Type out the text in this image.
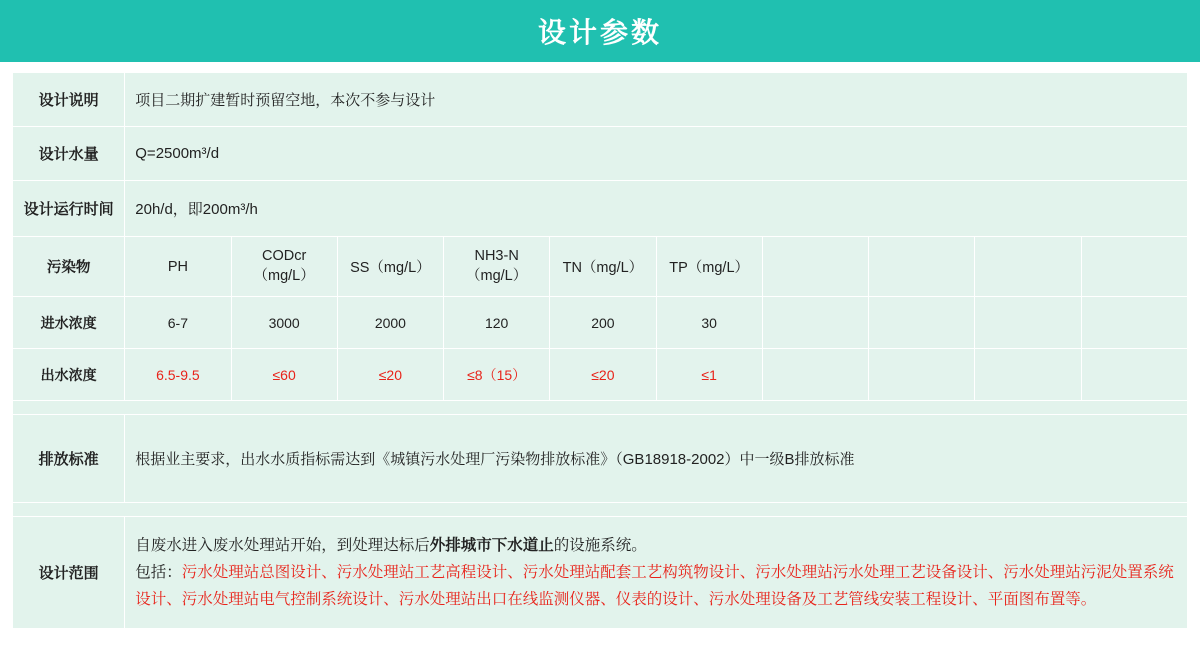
设计参数
设计说明	项目二期扩建暂时预留空地，本次不参与设计									
设计水量	Q=2500m³/d									
设计运行时间	20h/d，即200m³/h									
污染物	PH	CODcr（mg/L）	SS（mg/L）	NH3-N（mg/L）	TN（mg/L）	TP（mg/L）				
进水浓度	6-7	3000	2000	120	200	30				
出水浓度	6.5-9.5	≤60	≤20	≤8（15）	≤20	≤1				

排放标准	根据业主要求，出水水质指标需达到《城镇污水处理厂污染物排放标准》（GB18918-2002）中一级B排放标准									

设计范围	自废水进入废水处理站开始，到处理达标后外排城市下水道止的设施系统。
包括：污水处理站总图设计、污水处理站工艺高程设计、污水处理站配套工艺构筑物设计、污水处理站污水处理工艺设备设计、污水处理站污泥处置系统设计、污水处理站电气控制系统设计、污水处理站出口在线监测仪器、仪表的设计、污水处理设备及工艺管线安装工程设计、平面图布置等。									
